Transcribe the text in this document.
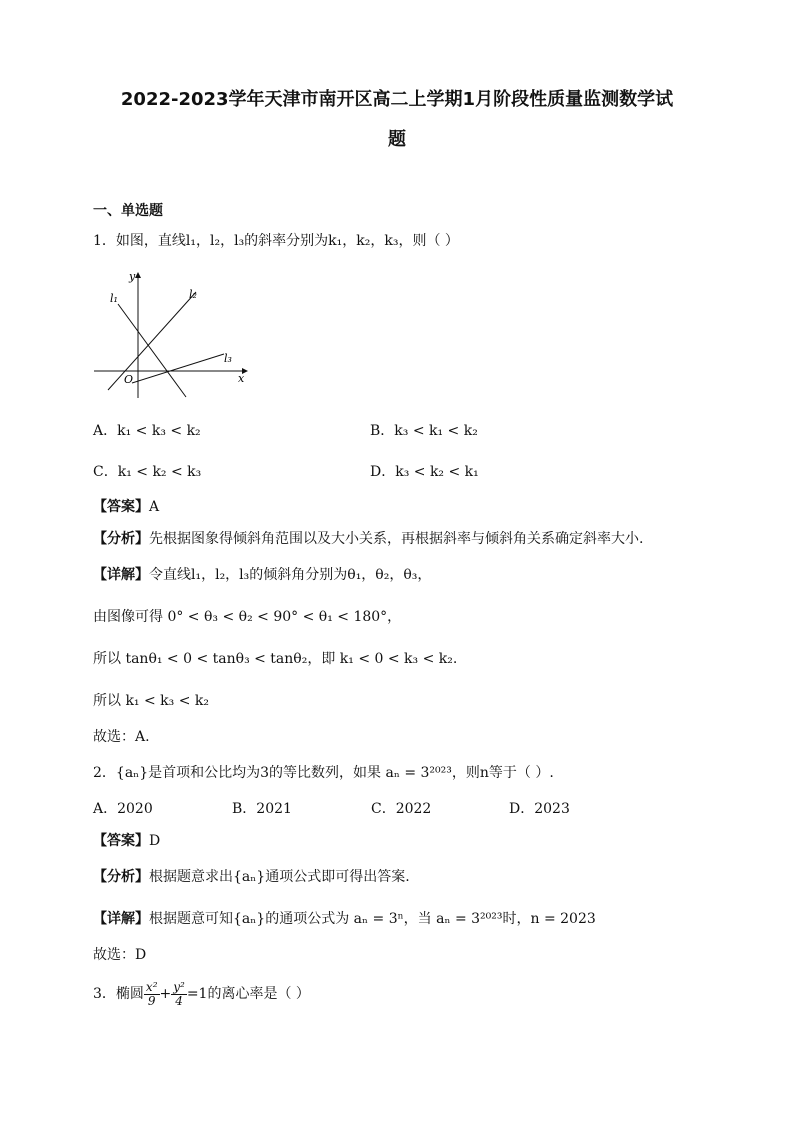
2022-2023学年天津市南开区高二上学期1月阶段性质量监测数学试
题
一、单选题
1．如图，直线l₁，l₂，l₃的斜率分别为k₁，k₂，k₃，则（ ）
y
x
O
l₁	l₂
l₃
A．k₁ < k₃ < k₂	B．k₃ < k₁ < k₂
C．k₁ < k₂ < k₃	D．k₃ < k₂ < k₁
【答案】A
【分析】先根据图象得倾斜角范围以及大小关系，再根据斜率与倾斜角关系确定斜率大小.
【详解】令直线l₁，l₂，l₃的倾斜角分别为θ₁，θ₂，θ₃，
由图像可得 0° < θ₃ < θ₂ < 90° < θ₁ < 180°，
所以 tanθ₁ < 0 < tanθ₃ < tanθ₂，即 k₁ < 0 < k₃ < k₂.
所以 k₁ < k₃ < k₂
故选：A.
2．{aₙ}是首项和公比均为3的等比数列，如果 aₙ = 3²⁰²³，则n等于（ ）.
A．2020	B．2021	C．2022	D．2023
【答案】D
【分析】根据题意求出{aₙ}通项公式即可得出答案.
【详解】根据题意可知{aₙ}的通项公式为 aₙ = 3ⁿ，当 aₙ = 3²⁰²³时，n = 2023
故选：D
3．椭圆 $\frac{\text{x²}}{9} + \frac{\text{y²}}{4} =1$的离心率是（ ）
